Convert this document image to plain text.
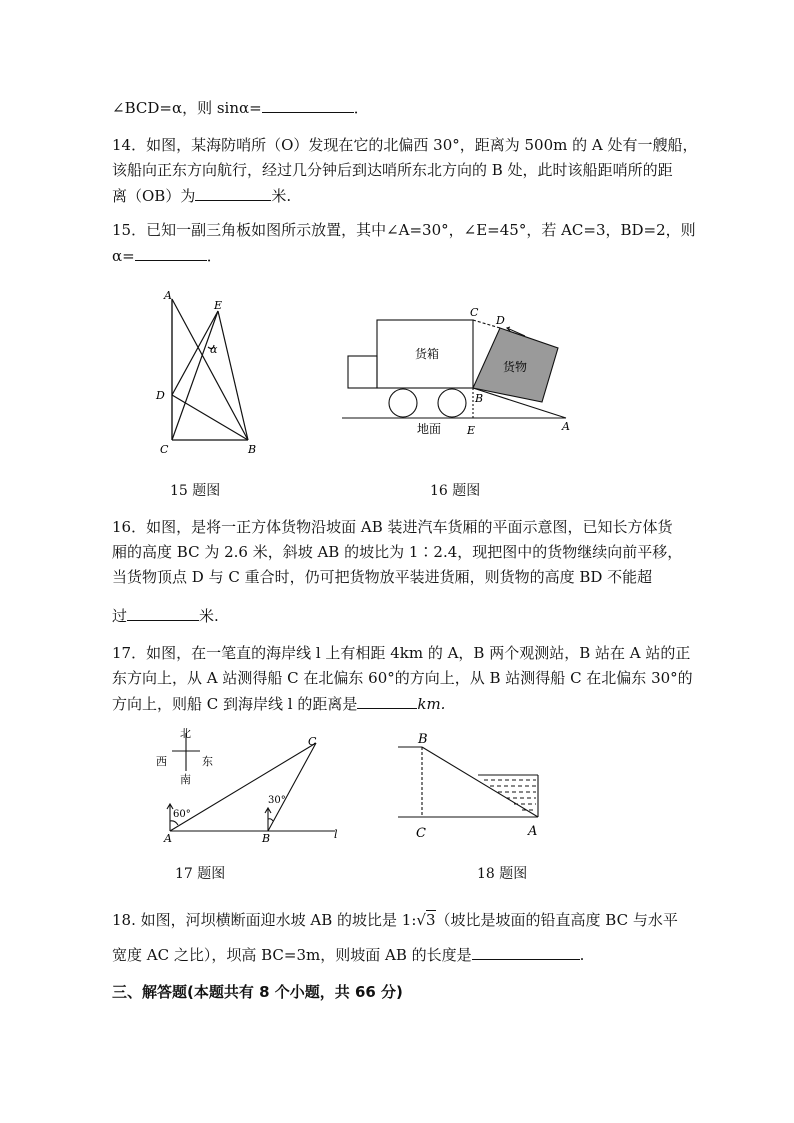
∠BCD=α，则 sinα=	．
14．如图，某海防哨所（O）发现在它的北偏西 30°，距离为 500m 的 A 处有一艘船，
该船向正东方向航行，经过几分钟后到达哨所东北方向的 B 处，此时该船距哨所的距
离（OB）为	米.
15．已知一副三角板如图所示放置，其中∠A=30°，∠E=45°，若 AC=3，BD=2，则
α=	．
A
E
α
D
C	B
15 题图
货箱
货物
地面
C
D
B
E	A
16 题图
16．如图，是将一正方体货物沿坡面 AB 装进汽车货厢的平面示意图，已知长方体货
厢的高度 BC 为 2.6 米，斜坡 AB 的坡比为 1∶2.4，现把图中的货物继续向前平移，
当货物顶点 D 与 C 重合时，仍可把货物放平装进货厢，则货物的高度 BD 不能超
过	米.
17．如图，在一笔直的海岸线 l 上有相距 4km 的 A，B 两个观测站，B 站在 A 站的正
东方向上，从 A 站测得船 C 在北偏东 60°的方向上，从 B 站测得船 C 在北偏东 30°的
方向上，则船 C 到海岸线 l 的距离是	km.
北
西	东
南
60°
30°
A	B
C
l
17 题图
B
C	A
18 题图
18. 如图，河坝横断面迎水坡 AB 的坡比是 1:√3（坡比是坡面的铅直高度 BC 与水平
宽度 AC 之比），坝高 BC=3m，则坡面 AB 的长度是	.
三、解答题(本题共有 8 个小题，共 66 分)
